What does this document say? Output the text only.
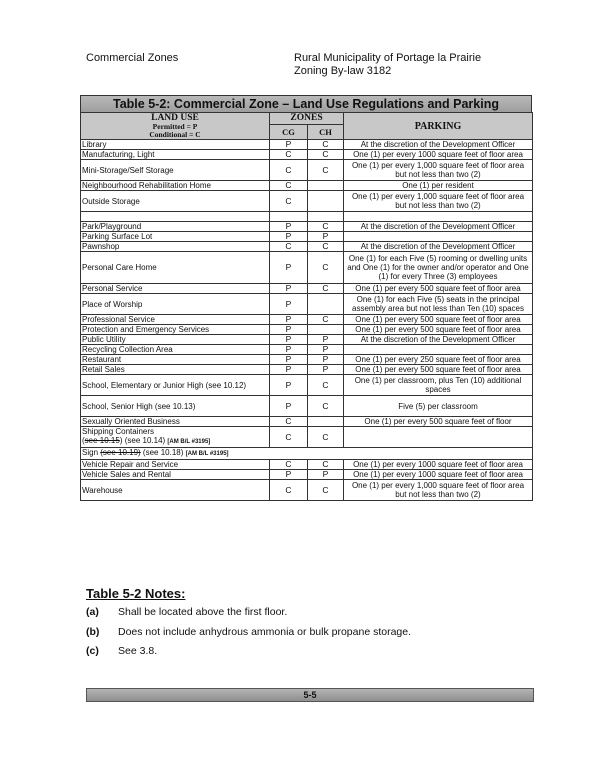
Commercial Zones	Rural Municipality of Portage la Prairie
Zoning By-law 3182
Table 5-2: Commercial Zone – Land Use Regulations and Parking
LAND USE
Permitted = P
Conditional = C	ZONES		PARKING
	CG	CH	
Library	P	C	At the discretion of the Development Officer
Manufacturing, Light	C	C	One (1) per every 1000 square feet of floor area
Mini-Storage/Self Storage	C	C	One (1) per every 1,000 square feet of floor area but not less than two (2)
Neighbourhood Rehabilitation Home	C		One (1) per resident
Outside Storage	C		One (1) per every 1,000 square feet of floor area but not less than two (2)

Park/Playground	P	C	At the discretion of the Development Officer
Parking Surface Lot	P	P	
Pawnshop	C	C	At the discretion of the Development Officer
Personal Care Home	P	C	One (1) for each Five (5) rooming or dwelling units and One (1) for the owner and/or operator and One (1) for every Three (3) employees
Personal Service	P	C	One (1) per every 500 square feet of floor area
Place of Worship	P		One (1) for each Five (5) seats in the principal assembly area but not less than Ten (10) spaces
Professional Service	P	C	One (1) per every 500 square feet of floor area
Protection and Emergency Services	P		One (1) per every 500 square feet of floor area
Public Utility	P	P	At the discretion of the Development Officer
Recycling Collection Area	P	P	
Restaurant	P	P	One (1) per every 250 square feet of floor area
Retail Sales	P	P	One (1) per every 500 square feet of floor area
School, Elementary or Junior High (see 10.12)	P	C	One (1) per classroom, plus Ten (10) additional spaces
School, Senior High (see 10.13)	P	C	Five (5) per classroom
Sexually Oriented Business	C		One (1) per every 500 square feet of floor
Shipping Containers
(see 10.15) (see 10.14) [AM B/L #3195]	C	C	
Sign (see 10.19) (see 10.18) [AM B/L #3195]			
Vehicle Repair and Service	C	C	One (1) per every 1000 square feet of floor area
Vehicle Sales and Rental	P	P	One (1) per every 1000 square feet of floor area
Warehouse	C	C	One (1) per every 1,000 square feet of floor area but not less than two (2)
Table 5-2 Notes:
(a) Shall be located above the first floor.
(b) Does not include anhydrous ammonia or bulk propane storage.
(c) See 3.8.
5-5
